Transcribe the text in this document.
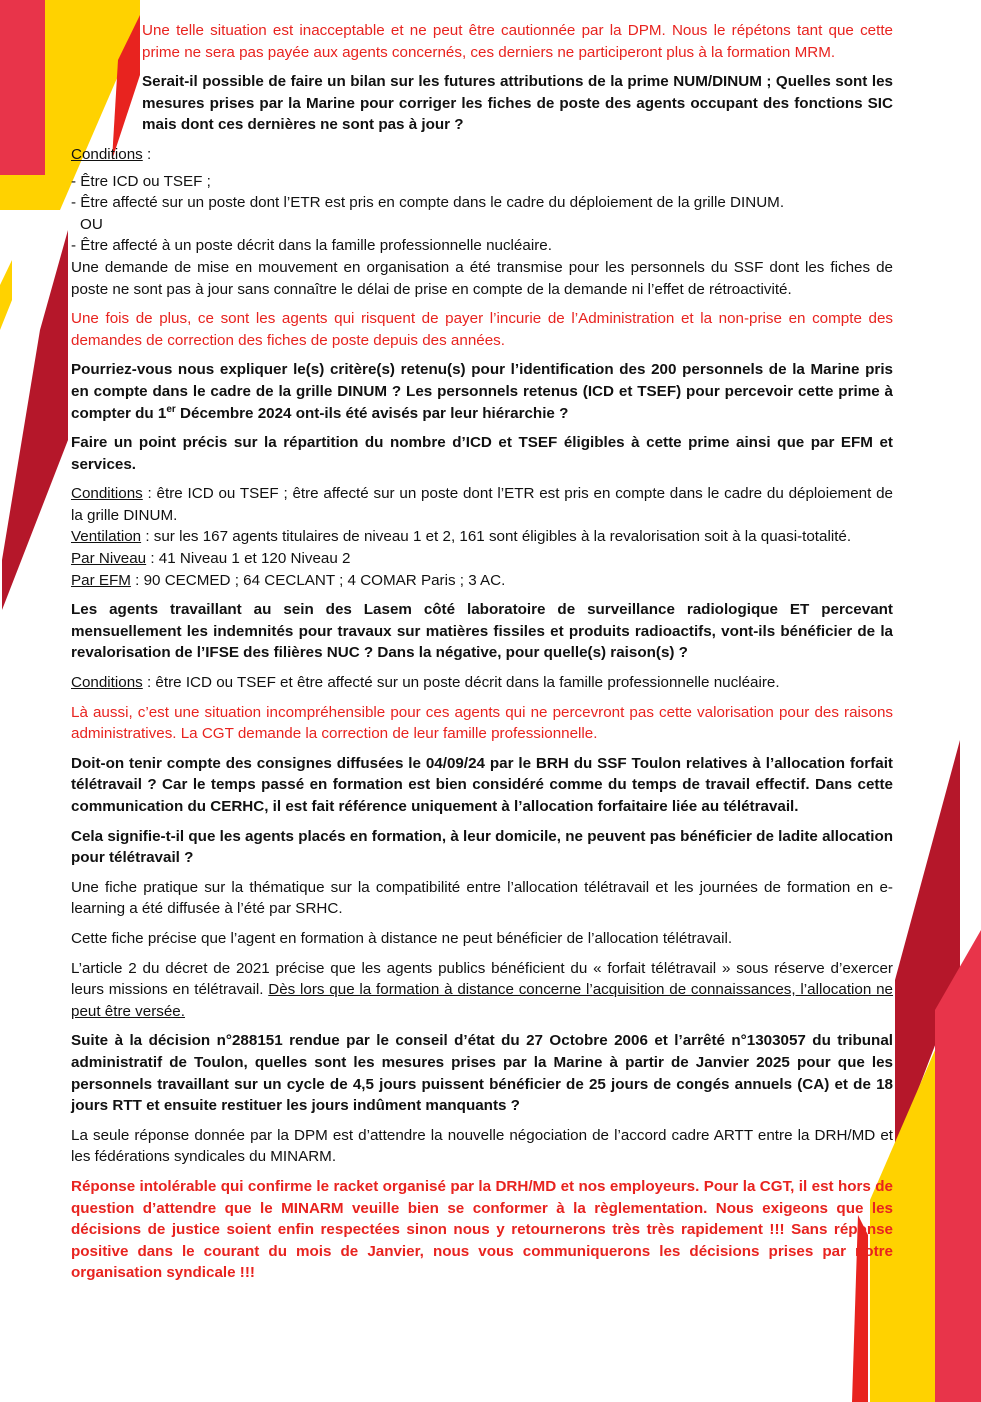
Une telle situation est inacceptable et ne peut être cautionnée par la DPM. Nous le répétons tant que cette prime ne sera pas payée aux agents concernés, ces derniers ne participeront plus à la formation MRM.

Serait-il possible de faire un bilan sur les futures attributions de la prime NUM/DINUM ; Quelles sont les mesures prises par la Marine pour corriger les fiches de poste des agents occupant des fonctions SIC mais dont ces dernières ne sont pas à jour ?

Conditions :

- Être ICD ou TSEF ;

- Être affecté sur un poste dont l’ETR est pris en compte dans le cadre du déploiement de la grille DINUM.

OU

- Être affecté à un poste décrit dans la famille professionnelle nucléaire.

Une demande de mise en mouvement en organisation a été transmise pour les personnels du SSF dont les fiches de poste ne sont pas à jour sans connaître le délai de prise en compte de la demande ni l’effet de rétroactivité.

Une fois de plus, ce sont les agents qui risquent de payer l’incurie de l’Administration et la non-prise en compte des demandes de correction des fiches de poste depuis des années.

Pourriez-vous nous expliquer le(s) critère(s) retenu(s) pour l’identification des 200 personnels de la Marine pris en compte dans le cadre de la grille DINUM ? Les personnels retenus (ICD et TSEF) pour percevoir cette prime à compter du 1er Décembre 2024 ont-ils été avisés par leur hiérarchie ?

Faire un point précis sur la répartition du nombre d’ICD et TSEF éligibles à cette prime ainsi que par EFM et services.

Conditions : être ICD ou TSEF ; être affecté sur un poste dont l’ETR est pris en compte dans le cadre du déploiement de la grille DINUM.

Ventilation : sur les 167 agents titulaires de niveau 1 et 2, 161 sont éligibles à la revalorisation soit à la quasi-totalité.

Par Niveau : 41 Niveau 1 et 120 Niveau 2

Par EFM : 90 CECMED ; 64 CECLANT ; 4 COMAR Paris ; 3 AC.

Les agents travaillant au sein des Lasem côté laboratoire de surveillance radiologique ET percevant mensuellement les indemnités pour travaux sur matières fissiles et produits radioactifs, vont-ils bénéficier de la revalorisation de l’IFSE des filières NUC ? Dans la négative, pour quelle(s) raison(s) ?

Conditions : être ICD ou TSEF et être affecté sur un poste décrit dans la famille professionnelle nucléaire.

Là aussi, c’est une situation incompréhensible pour ces agents qui ne percevront pas cette valorisation pour des raisons administratives. La CGT demande la correction de leur famille professionnelle.

Doit-on tenir compte des consignes diffusées le 04/09/24 par le BRH du SSF Toulon relatives à l’allocation forfait télétravail ? Car le temps passé en formation est bien considéré comme du temps de travail effectif. Dans cette communication du CERHC, il est fait référence uniquement à l’allocation forfaitaire liée au télétravail.

Cela signifie-t-il que les agents placés en formation, à leur domicile, ne peuvent pas bénéficier de ladite allocation pour télétravail ?

Une fiche pratique sur la thématique sur la compatibilité entre l’allocation télétravail et les journées de formation en e-learning a été diffusée à l’été par SRHC.

Cette fiche précise que l’agent en formation à distance ne peut bénéficier de l’allocation télétravail.

L’article 2 du décret de 2021 précise que les agents publics bénéficient du « forfait télétravail » sous réserve d’exercer leurs missions en télétravail. Dès lors que la formation à distance concerne l’acquisition de connaissances, l’allocation ne peut être versée.

Suite à la décision n°288151 rendue par le conseil d’état du 27 Octobre 2006 et l’arrêté n°1303057 du tribunal administratif de Toulon, quelles sont les mesures prises par la Marine à partir de Janvier 2025 pour que les personnels travaillant sur un cycle de 4,5 jours puissent bénéficier de 25 jours de congés annuels (CA) et de 18 jours RTT et ensuite restituer les jours indûment manquants ?

La seule réponse donnée par la DPM est d’attendre la nouvelle négociation de l’accord cadre ARTT entre la DRH/MD et les fédérations syndicales du MINARM.

Réponse intolérable qui confirme le racket organisé par la DRH/MD et nos employeurs. Pour la CGT, il est hors de question d’attendre que le MINARM veuille bien se conformer à la règlementation. Nous exigeons que les décisions de justice soient enfin respectées sinon nous y retournerons très très rapidement !!! Sans réponse positive dans le courant du mois de Janvier, nous vous communiquerons les décisions prises par notre organisation syndicale !!!
